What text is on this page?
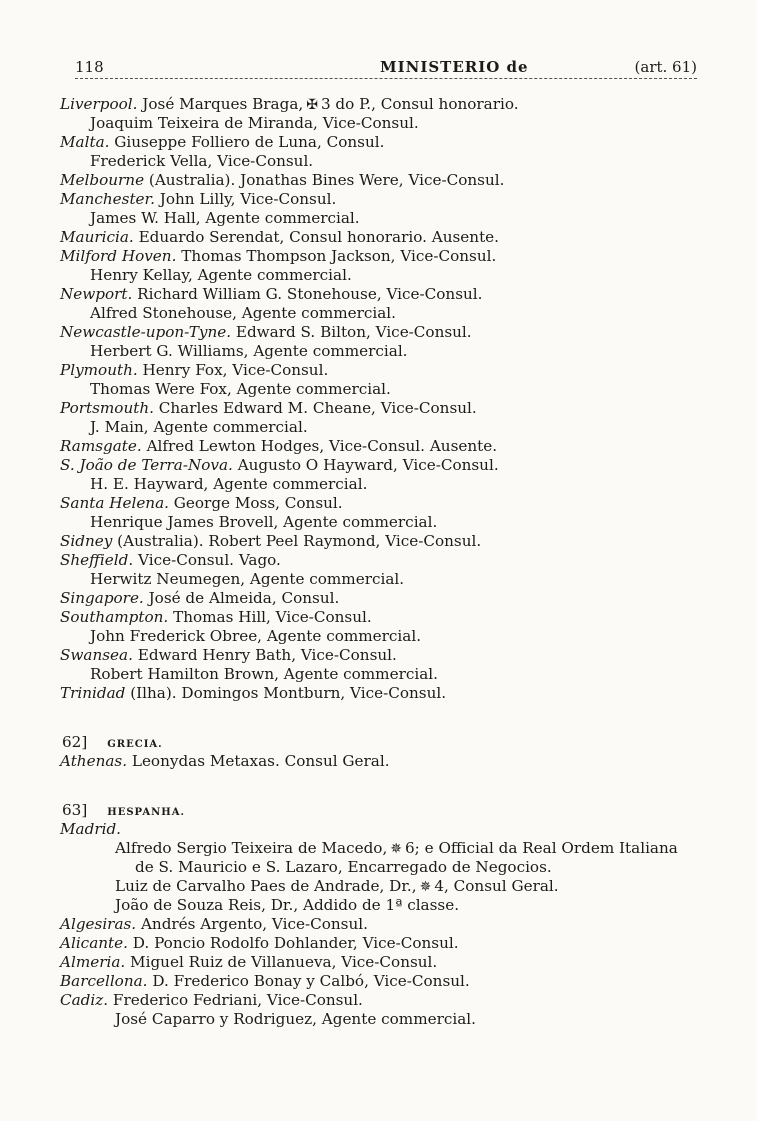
118	MINISTERIO de	(art. 61)
Liverpool. José Marques Braga, ✠ 3 do P., Consul honorario.
Joaquim Teixeira de Miranda, Vice-Consul.
Malta. Giuseppe Folliero de Luna, Consul.
Frederick Vella, Vice-Consul.
Melbourne (Australia). Jonathas Bines Were, Vice-Consul.
Manchester. John Lilly, Vice-Consul.
James W. Hall, Agente commercial.
Mauricia. Eduardo Serendat, Consul honorario. Ausente.
Milford Hoven. Thomas Thompson Jackson, Vice-Consul.
Henry Kellay, Agente commercial.
Newport. Richard William G. Stonehouse, Vice-Consul.
Alfred Stonehouse, Agente commercial.
Newcastle-upon-Tyne. Edward S. Bilton, Vice-Consul.
Herbert G. Williams, Agente commercial.
Plymouth. Henry Fox, Vice-Consul.
Thomas Were Fox, Agente commercial.
Portsmouth. Charles Edward M. Cheane, Vice-Consul.
J. Main, Agente commercial.
Ramsgate. Alfred Lewton Hodges, Vice-Consul. Ausente.
S. João de Terra-Nova. Augusto O Hayward, Vice-Consul.
H. E. Hayward, Agente commercial.
Santa Helena. George Moss, Consul.
Henrique James Brovell, Agente commercial.
Sidney (Australia). Robert Peel Raymond, Vice-Consul.
Sheffield. Vice-Consul. Vago.
Herwitz Neumegen, Agente commercial.
Singapore. José de Almeida, Consul.
Southampton. Thomas Hill, Vice-Consul.
John Frederick Obree, Agente commercial.
Swansea. Edward Henry Bath, Vice-Consul.
Robert Hamilton Brown, Agente commercial.
Trinidad (Ilha). Domingos Montburn, Vice-Consul.
62] GRECIA.
Athenas. Leonydas Metaxas. Consul Geral.
63] HESPANHA.
Madrid.
Alfredo Sergio Teixeira de Macedo, ✵ 6; e Official da Real Ordem Italiana
de S. Mauricio e S. Lazaro, Encarregado de Negocios.
Luiz de Carvalho Paes de Andrade, Dr., ✵ 4, Consul Geral.
João de Souza Reis, Dr., Addido de 1ª classe.
Algesiras. Andrés Argento, Vice-Consul.
Alicante. D. Poncio Rodolfo Dohlander, Vice-Consul.
Almeria. Miguel Ruiz de Villanueva, Vice-Consul.
Barcellona. D. Frederico Bonay y Calbó, Vice-Consul.
Cadiz. Frederico Fedriani, Vice-Consul.
José Caparro y Rodriguez, Agente commercial.
